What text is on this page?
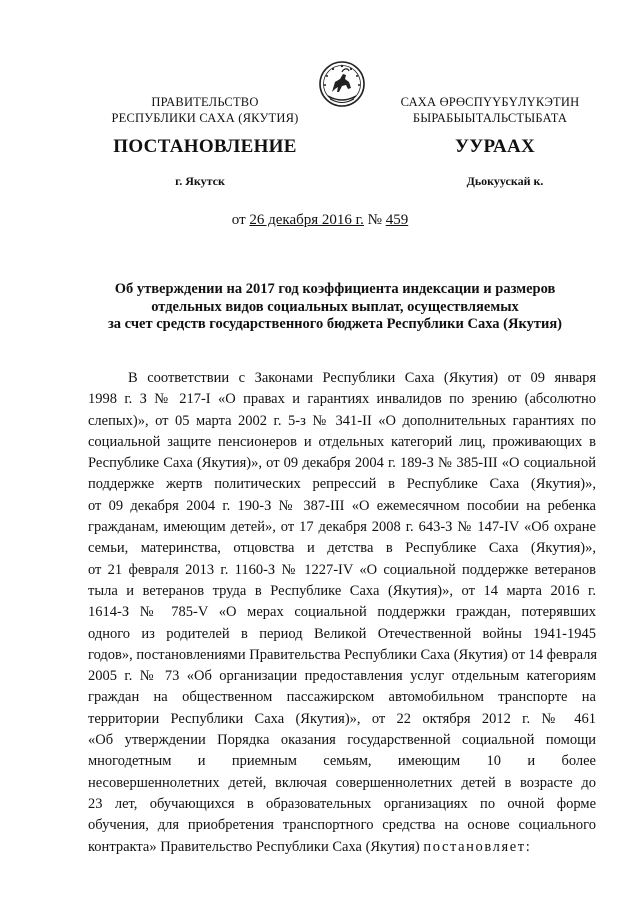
ПРАВИТЕЛЬСТВО
РЕСПУБЛИКИ САХА (ЯКУТИЯ)
САХА ӨРӨСПҮҮБҮЛҮКЭТИН
БЫРАБЫЫТАЛЬСТЫБАТА
ПОСТАНОВЛЕНИЕ	УУРААХ
г. Якутск	Дьокуускай к.
от 26 декабря 2016 г. № 459
Об утверждении на 2017 год коэффициента индексации и размеров
отдельных видов социальных выплат, осуществляемых
за счет средств государственного бюджета Республики Саха (Якутия)
В соответствии с Законами Республики Саха (Якутия) от 09 января
1998 г. З № 217-I «О правах и гарантиях инвалидов по зрению (абсолютно
слепых)», от 05 марта 2002 г. 5-з № 341-II «О дополнительных гарантиях по
социальной защите пенсионеров и отдельных категорий лиц, проживающих в
Республике Саха (Якутия)», от 09 декабря 2004 г. 189-З № 385-III «О социальной
поддержке жертв политических репрессий в Республике Саха (Якутия)»,
от 09 декабря 2004 г. 190-З № 387-III «О ежемесячном пособии на ребенка
гражданам, имеющим детей», от 17 декабря 2008 г. 643-З № 147-IV «Об охране
семьи, материнства, отцовства и детства в Республике Саха (Якутия)»,
от 21 февраля 2013 г. 1160-З № 1227-IV «О социальной поддержке ветеранов
тыла и ветеранов труда в Республике Саха (Якутия)», от 14 марта 2016 г.
1614-З № 785-V «О мерах социальной поддержки граждан, потерявших
одного из родителей в период Великой Отечественной войны 1941-1945
годов», постановлениями Правительства Республики Саха (Якутия) от 14 февраля
2005 г. № 73 «Об организации предоставления услуг отдельным категориям
граждан на общественном пассажирском автомобильном транспорте на
территории Республики Саха (Якутия)», от 22 октября 2012 г. № 461
«Об утверждении Порядка оказания государственной социальной помощи
многодетным и приемным семьям, имеющим 10 и более
несовершеннолетних детей, включая совершеннолетних детей в возрасте до
23 лет, обучающихся в образовательных организациях по очной форме
обучения, для приобретения транспортного средства на основе социального
контракта» Правительство Республики Саха (Якутия) постановляет:
